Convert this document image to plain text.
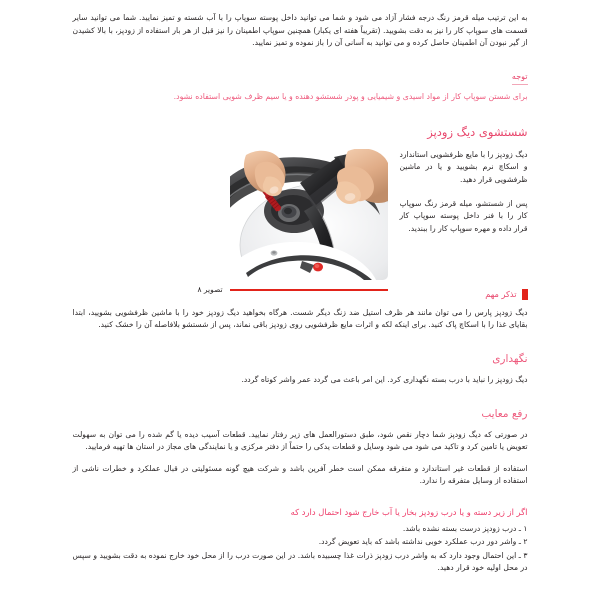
به این ترتیب میله قرمز رنگ درجه فشار آزاد می شود و شما می توانید داخل پوسته سوپاپ را با آب شسته و تمیز نمایید. شما می توانید سایر قسمت های سوپاپ کار را نیز به دقت بشویید. (تقریباً هفته ای یکبار) همچنین سوپاپ اطمینان را نیز قبل از هر بار استفاده از زودپز، با بالا کشیدن از گیر نبودن آن اطمینان حاصل کرده و می توانید به آسانی آن را باز نموده و تمیز نمایید.

توجه

برای شستن سوپاپ کار از مواد اسیدی و شیمیایی و پودر شستشو دهنده و یا سیم ظرف شویی استفاده نشود.

شستشوی دیگ زودپز

دیگ زودپز را با مایع ظرفشویی استاندارد و اسکاچ نرم بشویید و یا در ماشین ظرفشویی قرار دهید.

پس از شستشو، میله قرمز رنگ سوپاپ کار را با فنر داخل پوسته سوپاپ کار قرار داده و مهره سوپاپ کار را ببندید.

تصویر ۸	تذکر مهم

دیگ زودپز پارس را می توان مانند هر ظرف استیل ضد زنگ دیگر شست. هرگاه بخواهید دیگ زودپز خود را با ماشین ظرفشویی بشویید، ابتدا بقایای غذا را با اسکاچ پاک کنید. برای اینکه لکه و اثرات مایع ظرفشویی روی زودپز باقی نماند، پس از شستشو بلافاصله آن را خشک کنید.

نگهداری

دیگ زودپز را نباید با درب بسته نگهداری کرد. این امر باعث می گردد عمر واشر کوتاه گردد.

رفع معایب

در صورتی که دیگ زودپز شما دچار نقص شود، طبق دستورالعمل های زیر رفتار نمایید. قطعات آسیب دیده یا گم شده را می توان به سهولت تعویض یا تامین کرد و تاکید می شود می شود وسایل و قطعات یدکی را حتماً از دفتر مرکزی و یا نمایندگی های مجاز در استان ها تهیه فرمایید.

استفاده از قطعات غیر استاندارد و متفرقه ممکن است خطر آفرین باشد و شرکت هیچ گونه مسئولیتی در قبال عملکرد و خطرات ناشی از استفاده از وسایل متفرقه را ندارد.

اگر از زیر دسته و یا درب زودپز بخار یا آب خارج شود احتمال دارد که
۱ ـ درب زودپز درست بسته نشده باشد.
۲ ـ واشر دور درب عملکرد خوبی نداشته باشد که باید تعویض گردد.
۳ ـ این احتمال وجود دارد که به واشر درب زودپز ذرات غذا چسبیده باشد. در این صورت درب را از محل خود خارج نموده به دقت بشویید و سپس در محل اولیه خود قرار دهید.
